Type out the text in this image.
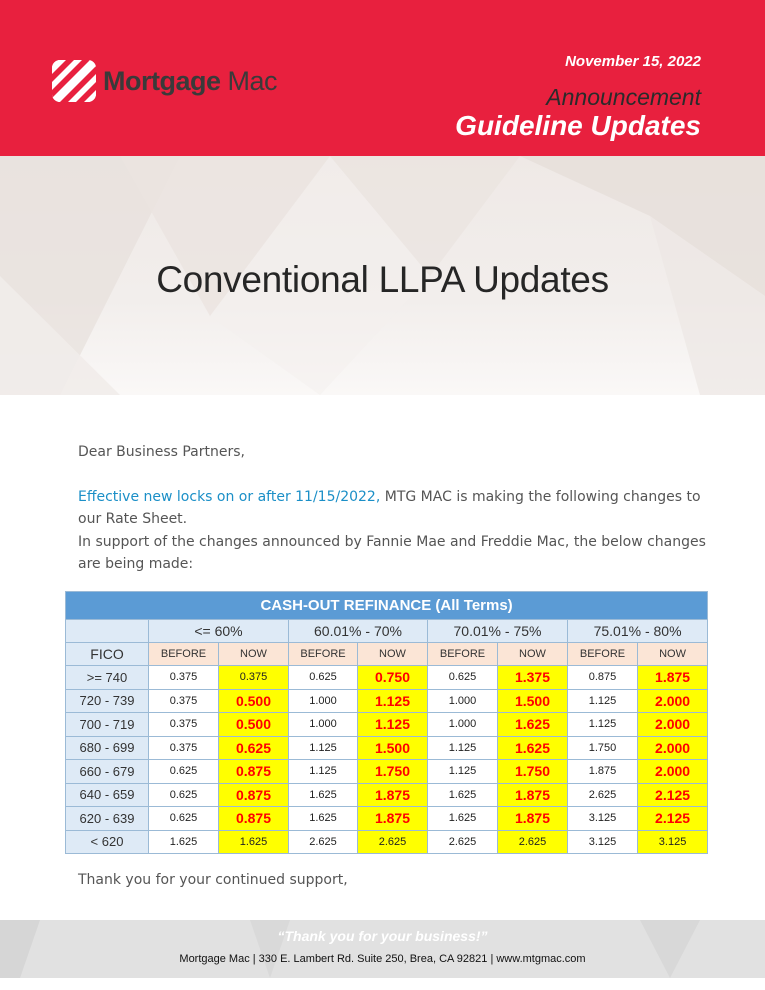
Mortgage Mac
November 15, 2022
Announcement
Guideline Updates
Conventional LLPA Updates
Dear Business Partners,
Effective new locks on or after 11/15/2022, MTG MAC is making the following changes to our Rate Sheet.
In support of the changes announced by Fannie Mae and Freddie Mac, the below changes are being made:
CASH-OUT REFINANCE (All Terms)								
	<= 60%		60.01% - 70%		70.01% - 75%		75.01% - 80%	
FICO	BEFORE	NOW	BEFORE	NOW	BEFORE	NOW	BEFORE	NOW
>= 740	0.375	0.375	0.625	0.750	0.625	1.375	0.875	1.875
720 - 739	0.375	0.500	1.000	1.125	1.000	1.500	1.125	2.000
700 - 719	0.375	0.500	1.000	1.125	1.000	1.625	1.125	2.000
680 - 699	0.375	0.625	1.125	1.500	1.125	1.625	1.750	2.000
660 - 679	0.625	0.875	1.125	1.750	1.125	1.750	1.875	2.000
640 - 659	0.625	0.875	1.625	1.875	1.625	1.875	2.625	2.125
620 - 639	0.625	0.875	1.625	1.875	1.625	1.875	3.125	2.125
< 620	1.625	1.625	2.625	2.625	2.625	2.625	3.125	3.125
Thank you for your continued support,
“Thank you for your business!”
Mortgage Mac | 330 E. Lambert Rd. Suite 250, Brea, CA 92821 | www.mtgmac.com
